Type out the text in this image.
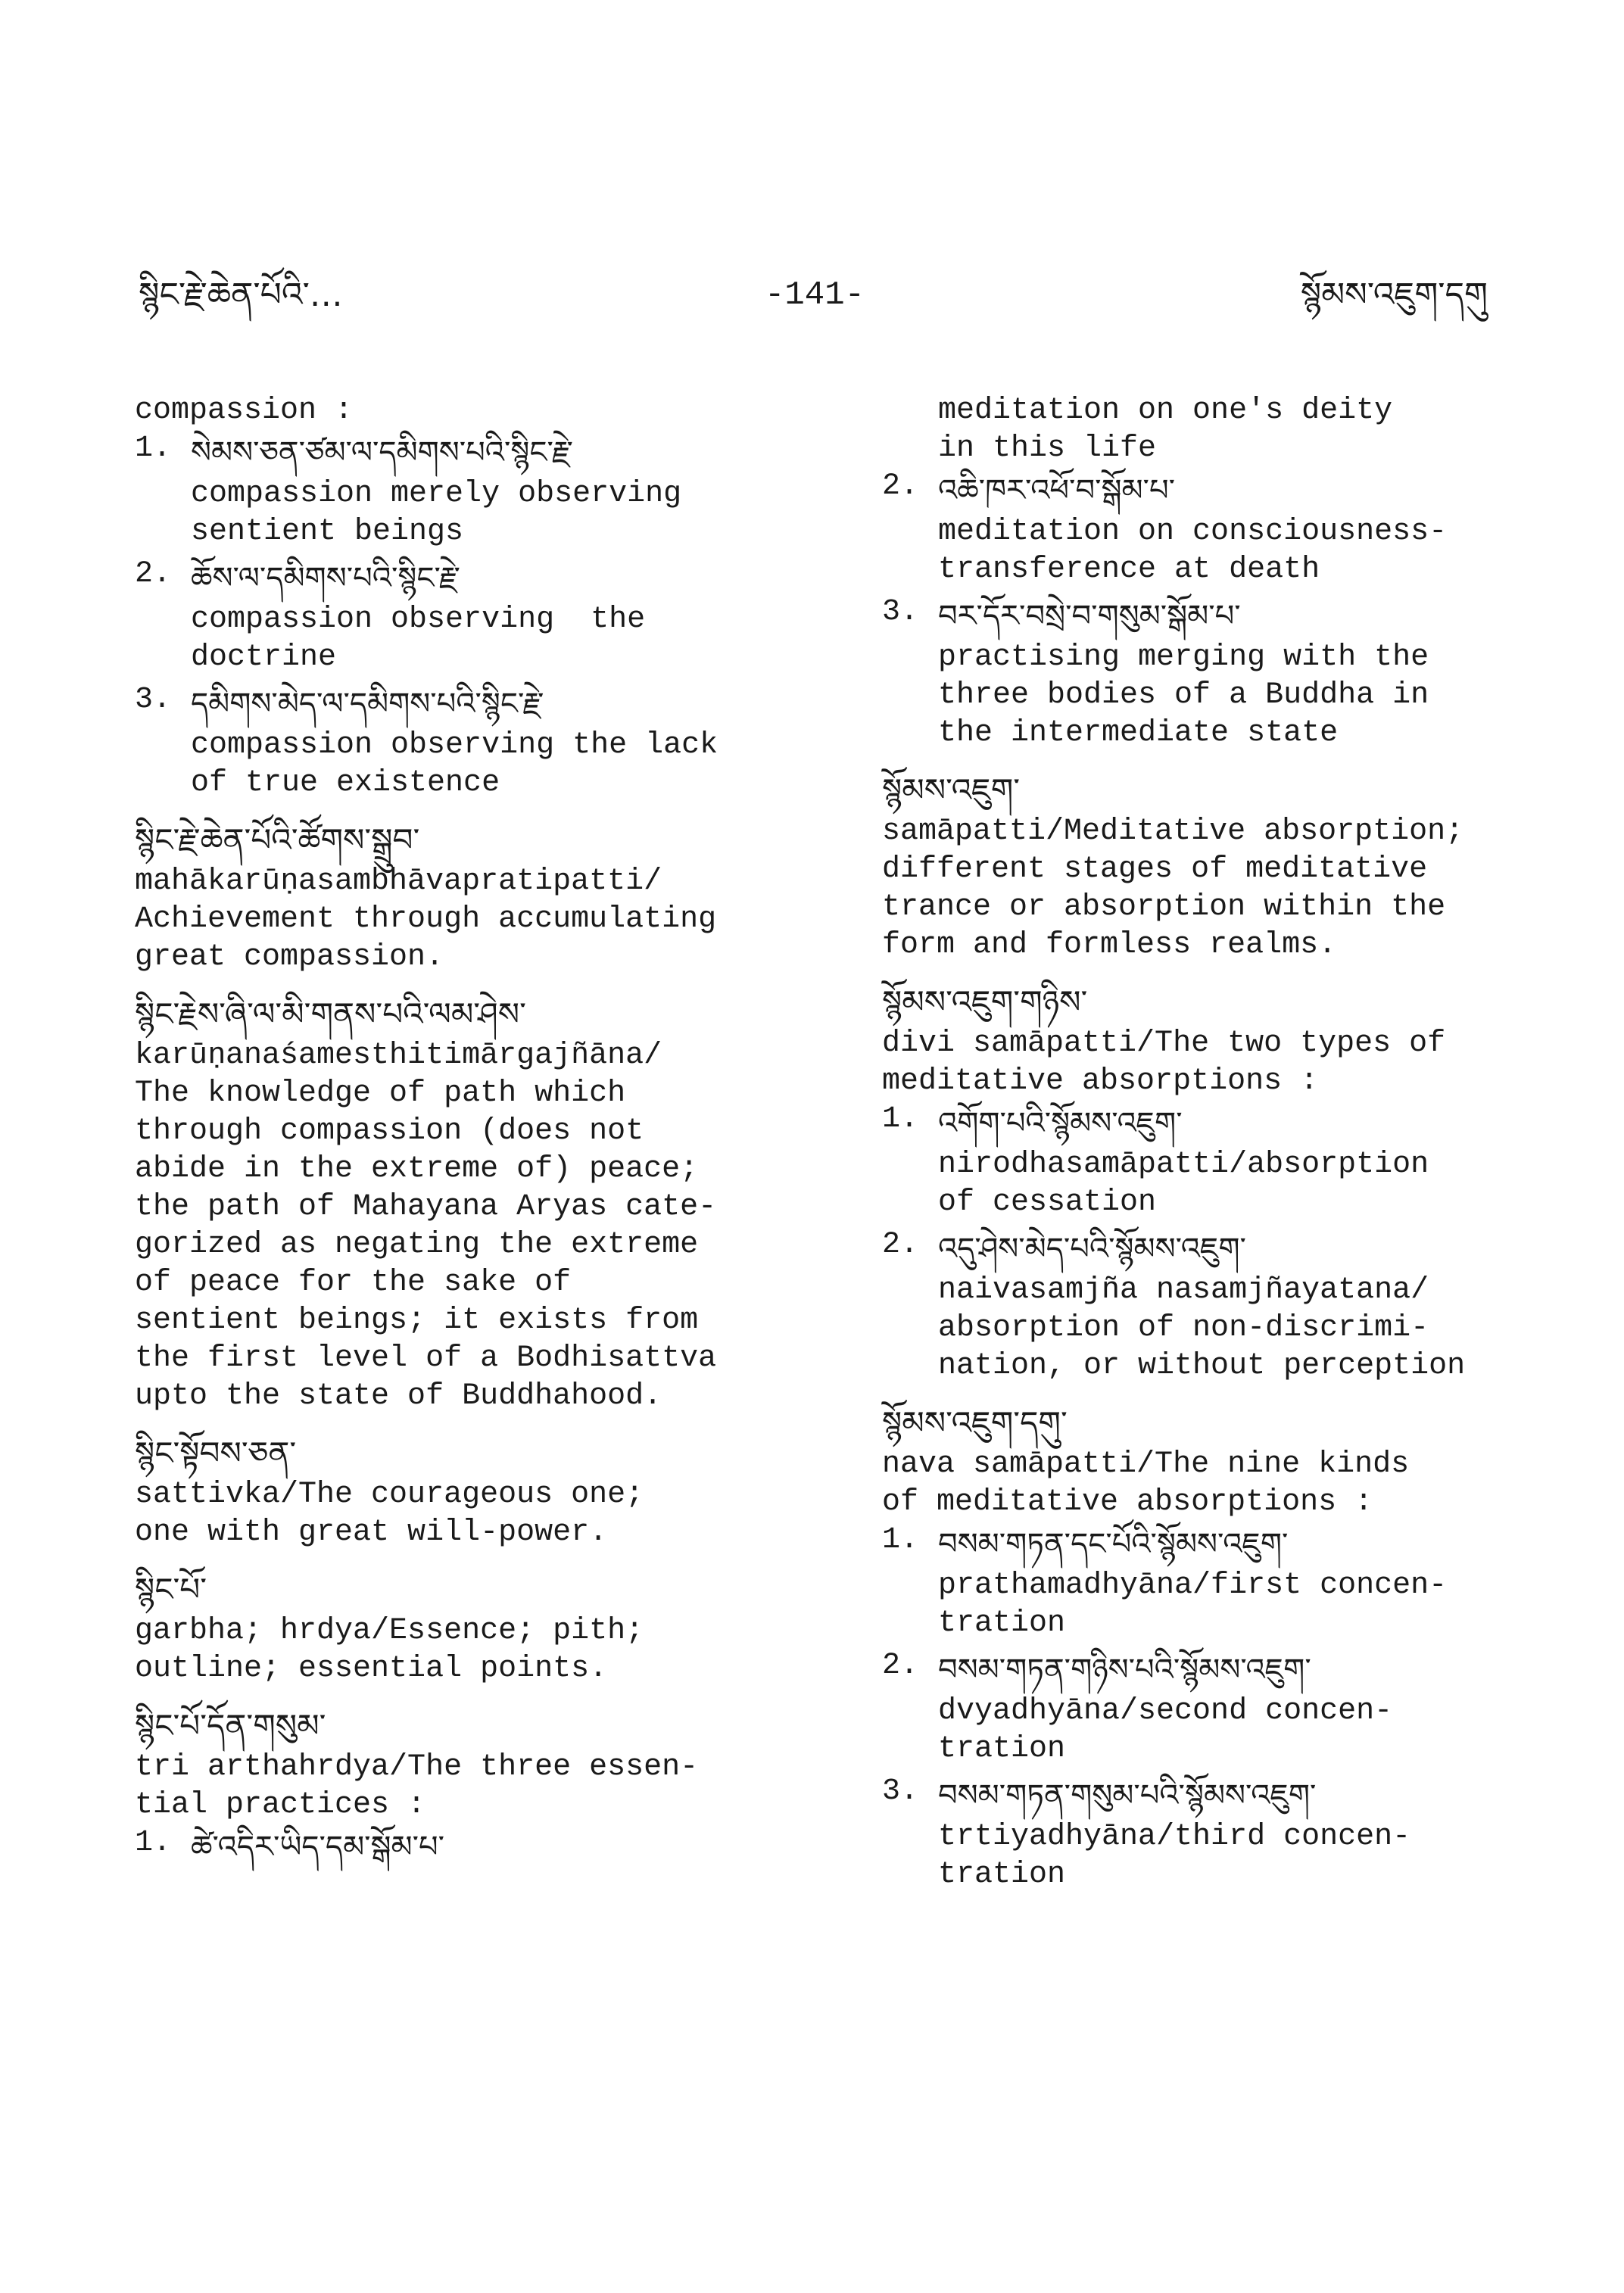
སྙིང་རྗེ་ཆེན་པོའི་…	-141-	སྙོམས་འཇུག་དགུ
compassion :
1. སེམས་ཅན་ཙམ་ལ་དམིགས་པའི་སྙིང་རྗེ་
compassion merely observing
sentient beings
2. ཆོས་ལ་དམིགས་པའི་སྙིང་རྗེ་
compassion observing  the
doctrine
3. དམིགས་མེད་ལ་དམིགས་པའི་སྙིང་རྗེ་
compassion observing the lack
of true existence
སྙིང་རྗེ་ཆེན་པོའི་ཚོགས་སྒྲུབ་
mahākarūṇasambhāvapratipatti/
Achievement through accumulating
great compassion.
སྙིང་རྗེས་ཞི་ལ་མི་གནས་པའི་ལམ་ཤེས་
karūṇanaśamesthitimārgajñāna/
The knowledge of path which
through compassion (does not
abide in the extreme of) peace;
the path of Mahayana Aryas cate-
gorized as negating the extreme
of peace for the sake of
sentient beings; it exists from
the first level of a Bodhisattva
upto the state of Buddhahood.
སྙིང་སྟོབས་ཅན་
sattivka/The courageous one;
one with great will-power.
སྙིང་པོ་
garbha; hrdya/Essence; pith;
outline; essential points.
སྙིང་པོ་དོན་གསུམ་
tri arthahrdya/The three essen-
tial practices :
1. ཚེ་འདིར་ཡིད་དམ་སྒོམ་པ་
meditation on one's deity
in this life
2. འཆི་ཁར་འཕོ་བ་སྒོམ་པ་
meditation on consciousness-
transference at death
3. བར་དོར་བསྲེ་བ་གསུམ་སྒོམ་པ་
practising merging with the
three bodies of a Buddha in
the intermediate state
སྙོམས་འཇུག་
samāpatti/Meditative absorption;
different stages of meditative
trance or absorption within the
form and formless realms.
སྙོམས་འཇུག་གཉིས་
divi samāpatti/The two types of
meditative absorptions :
1. འགོག་པའི་སྙོམས་འཇུག་
nirodhasamāpatti/absorption
of cessation
2. འདུ་ཤེས་མེད་པའི་སྙོམས་འཇུག་
naivasamjña nasamjñayatana/
absorption of non-discrimi-
nation, or without perception
སྙོམས་འཇུག་དགུ་
nava samāpatti/The nine kinds
of meditative absorptions :
1. བསམ་གཏན་དང་པོའི་སྙོམས་འཇུག་
prathamadhyāna/first concen-
tration
2. བསམ་གཏན་གཉིས་པའི་སྙོམས་འཇུག་
dvyadhyāna/second concen-
tration
3. བསམ་གཏན་གསུམ་པའི་སྙོམས་འཇུག་
trtiyadhyāna/third concen-
tration
